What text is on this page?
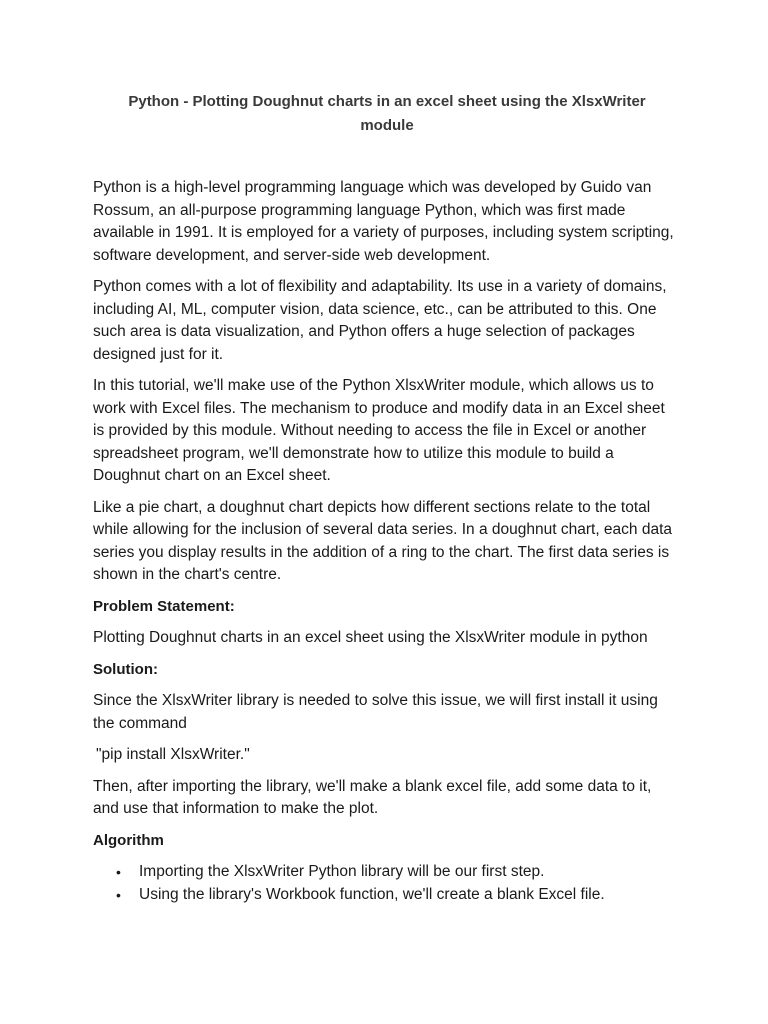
Python - Plotting Doughnut charts in an excel sheet using the XlsxWriter module

Python is a high-level programming language which was developed by Guido van Rossum, an all-purpose programming language Python, which was first made available in 1991. It is employed for a variety of purposes, including system scripting, software development, and server-side web development.

Python comes with a lot of flexibility and adaptability. Its use in a variety of domains, including AI, ML, computer vision, data science, etc., can be attributed to this. One such area is data visualization, and Python offers a huge selection of packages designed just for it.

In this tutorial, we'll make use of the Python XlsxWriter module, which allows us to work with Excel files. The mechanism to produce and modify data in an Excel sheet is provided by this module. Without needing to access the file in Excel or another spreadsheet program, we'll demonstrate how to utilize this module to build a Doughnut chart on an Excel sheet.

Like a pie chart, a doughnut chart depicts how different sections relate to the total while allowing for the inclusion of several data series. In a doughnut chart, each data series you display results in the addition of a ring to the chart. The first data series is shown in the chart's centre.

Problem Statement:

Plotting Doughnut charts in an excel sheet using the XlsxWriter module in python

Solution:

Since the XlsxWriter library is needed to solve this issue, we will first install it using the command

"pip install XlsxWriter."

Then, after importing the library, we'll make a blank excel file, add some data to it, and use that information to make the plot.

Algorithm

• Importing the XlsxWriter Python library will be our first step.
• Using the library's Workbook function, we'll create a blank Excel file.
